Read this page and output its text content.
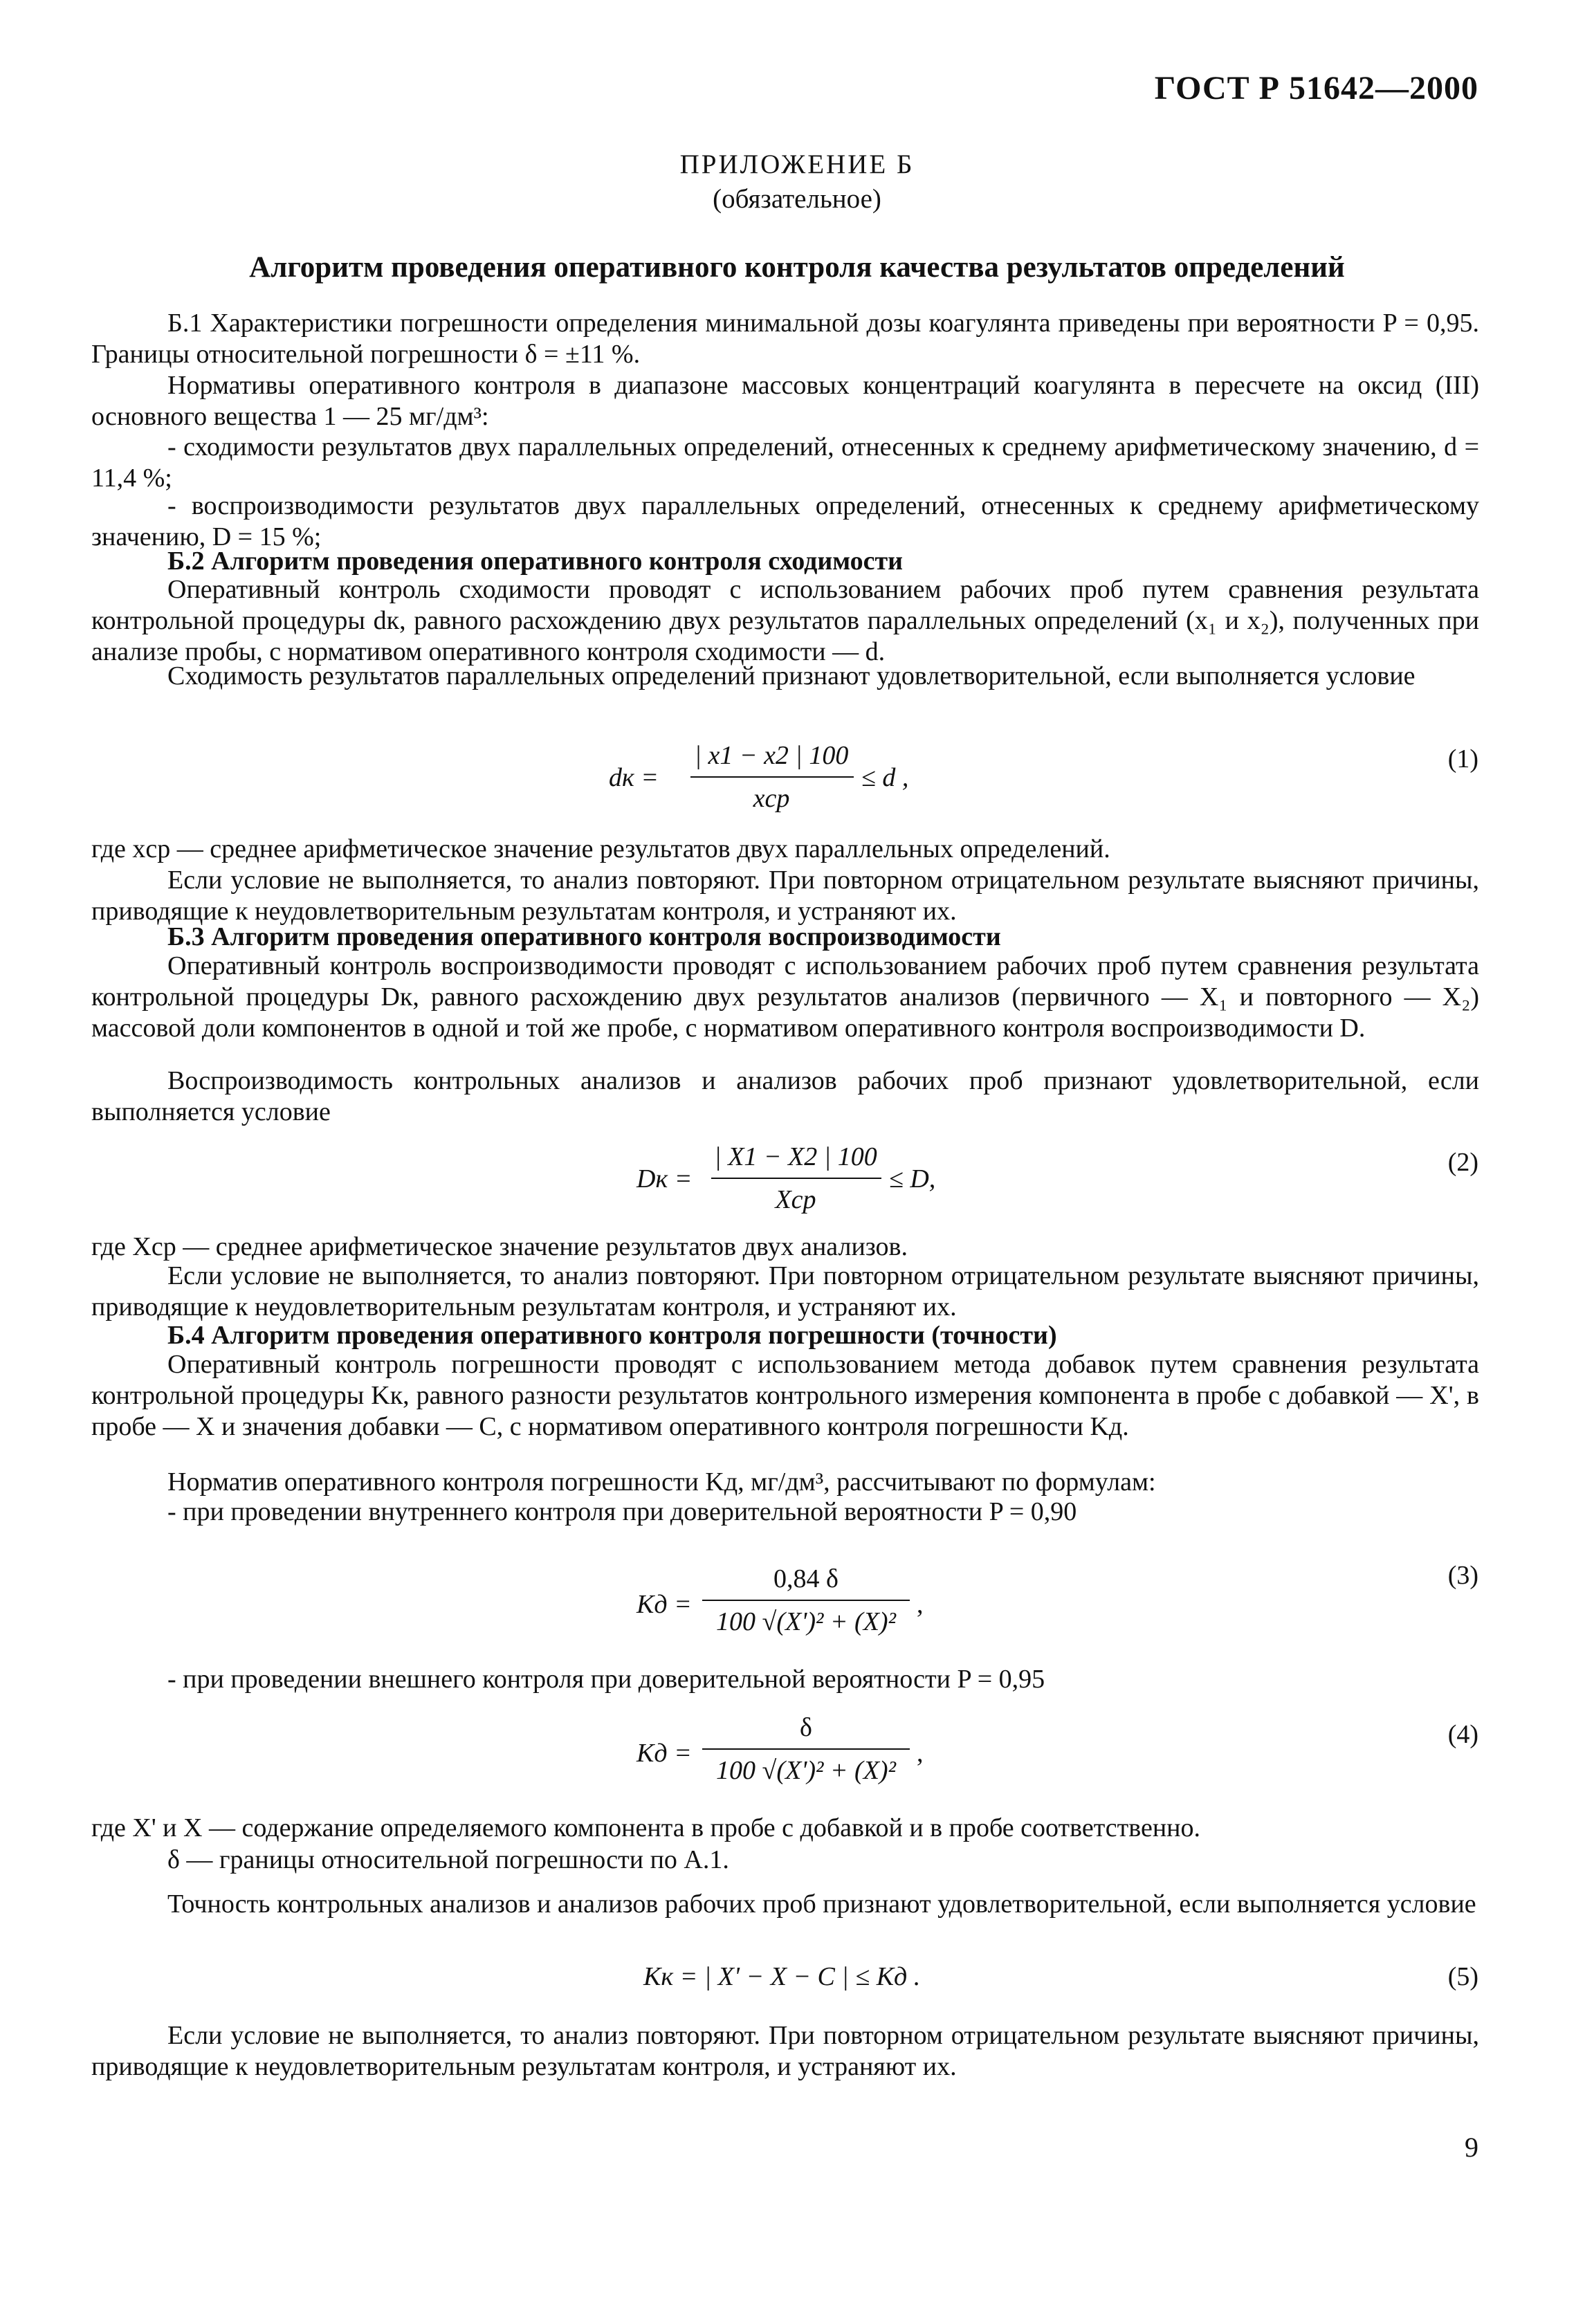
ГОСТ Р 51642—2000
ПРИЛОЖЕНИЕ Б
(обязательное)
Алгоритм проведения оперативного контроля качества результатов определений

Б.1 Характеристики погрешности определения минимальной дозы коагулянта приведены при вероятности P = 0,95. Границы относительной погрешности δ = ±11 %.

Нормативы оперативного контроля в диапазоне массовых концентраций коагулянта в пересчете на оксид (III) основного вещества 1 — 25 мг/дм³:

- сходимости результатов двух параллельных определений, отнесенных к среднему арифметическому значению, d = 11,4 %;

- воспроизводимости результатов двух параллельных определений, отнесенных к среднему арифметическому значению, D = 15 %;

Б.2 Алгоритм проведения оперативного контроля сходимости

Оперативный контроль сходимости проводят с использованием рабочих проб путем сравнения результата контрольной процедуры dк, равного расхождению двух результатов параллельных определений (x₁ и x₂), полученных при анализе пробы, с нормативом оперативного контроля сходимости — d.

Сходимость результатов параллельных определений признают удовлетворительной, если выполняется условие

dк =
| x1 − x2 | 100
xср
≤ d ,
(1)

где xср — среднее арифметическое значение результатов двух параллельных определений.

Если условие не выполняется, то анализ повторяют. При повторном отрицательном результате выясняют причины, приводящие к неудовлетворительным результатам контроля, и устраняют их.

Б.3 Алгоритм проведения оперативного контроля воспроизводимости

Оперативный контроль воспроизводимости проводят с использованием рабочих проб путем сравнения результата контрольной процедуры Dк, равного расхождению двух результатов анализов (первичного — X₁ и повторного — X₂) массовой доли компонентов в одной и той же пробе, с нормативом оперативного контроля воспроизводимости D.

Воспроизводимость контрольных анализов и анализов рабочих проб признают удовлетворительной, если выполняется условие

Dк =
| X1 − X2 | 100
Xср
≤ D,
(2)

где Xср — среднее арифметическое значение результатов двух анализов.

Если условие не выполняется, то анализ повторяют. При повторном отрицательном результате выясняют причины, приводящие к неудовлетворительным результатам контроля, и устраняют их.

Б.4 Алгоритм проведения оперативного контроля погрешности (точности)

Оперативный контроль погрешности проводят с использованием метода добавок путем сравнения результата контрольной процедуры Kк, равного разности результатов контрольного измерения компонента в пробе с добавкой — X', в пробе — X и значения добавки — C, с нормативом оперативного контроля погрешности Kд.

Норматив оперативного контроля погрешности Kд, мг/дм³, рассчитывают по формулам:

- при проведении внутреннего контроля при доверительной вероятности P = 0,90

Kд =
0,84 δ
100 √(X')² + (X)²
,
(3)

- при проведении внешнего контроля при доверительной вероятности P = 0,95

Kд =
δ
100 √(X')² + (X)²
,
(4)

где X' и X — содержание определяемого компонента в пробе с добавкой и в пробе соответственно.

δ — границы относительной погрешности по А.1.

Точность контрольных анализов и анализов рабочих проб признают удовлетворительной, если выполняется условие

Kк = | X' − X − C | ≤ Kд .	(5)

Если условие не выполняется, то анализ повторяют. При повторном отрицательном результате выясняют причины, приводящие к неудовлетворительным результатам контроля, и устраняют их.

9
